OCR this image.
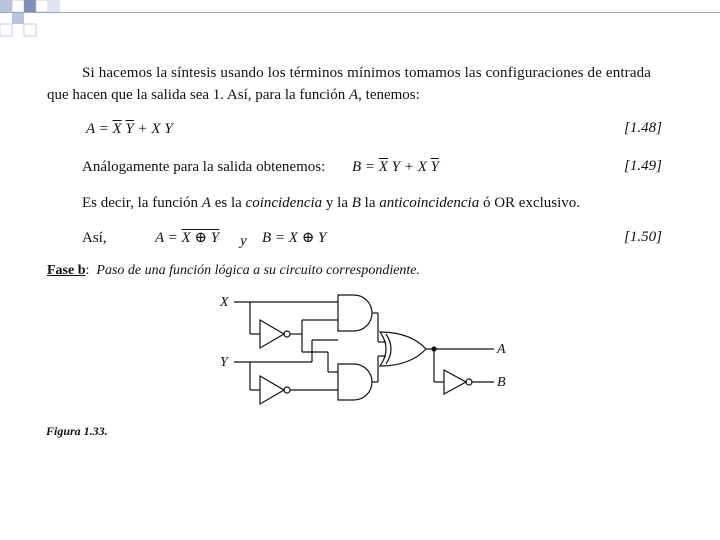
Si hacemos la síntesis usando los términos mínimos tomamos las configuraciones de entrada
que hacen que la salida sea 1. Así, para la función A, tenemos:
$A = \overline{X}$ $\overline{Y} + X$ Y	[1.48]
Análogamente para la salida obtenemos: $B = \overline{X}$ Y + X $\overline{Y}$	[1.49]
Es decir, la función A es la coincidencia y la B la anticoincidencia ó OR exclusivo.
Así,	A = X ⊕ Y y B = X ⊕ Y	[1.50]
Fase b: Paso de una función lógica a su circuito correspondiente.
X
Y
A
B
Figura 1.33.
